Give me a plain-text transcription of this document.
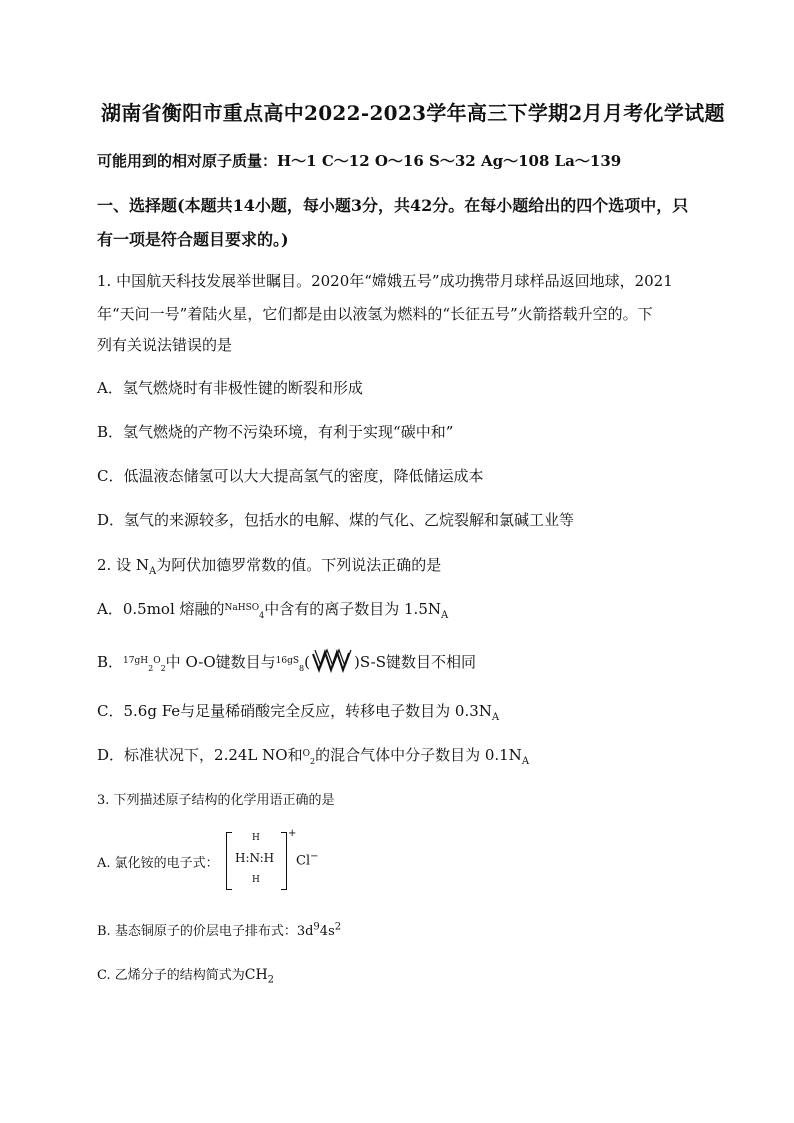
湖南省衡阳市重点高中2022-2023学年高三下学期2月月考化学试题
可能用到的相对原子质量：H～1 C～12 O～16 S～32 Ag～108 La～139
一、选择题(本题共14小题，每小题3分，共42分。在每小题给出的四个选项中，只
有一项是符合题目要求的。)
1. 中国航天科技发展举世瞩目。2020年“嫦娥五号”成功携带月球样品返回地球，2021
年“天问一号”着陆火星，它们都是由以液氢为燃料的“长征五号”火箭搭载升空的。下
列有关说法错误的是
A．氢气燃烧时有非极性键的断裂和形成
B．氢气燃烧的产物不污染环境，有利于实现“碳中和”
C．低温液态储氢可以大大提高氢气的密度，降低储运成本
D．氢气的来源较多，包括水的电解、煤的气化、乙烷裂解和氯碱工业等
2. 设 $N_A$为阿伏加德罗常数的值。下列说法正确的是
A．0.5mol 熔融的$^{NaHSO}_4$中含有的离子数目为 $1.5N_A$
B．$^{17gH}_2^O_2$中 O-O键数目与$^{16gS}_8$(	)S-S键数目不相同
C．5.6g Fe与足量稀硝酸完全反应，转移电子数目为 $0.3N_A$
D．标准状况下，2.24L NO和$^O_2$的混合气体中分子数目为 $0.1N_A$
3. 下列描述原子结构的化学用语正确的是
A. 氯化铵的电子式：
H
H:N:H
H
+
Cl−
B. 基态铜原子的价层电子排布式：$3d^94s^2$
C. 乙烯分子的结构简式为$CH_2$
